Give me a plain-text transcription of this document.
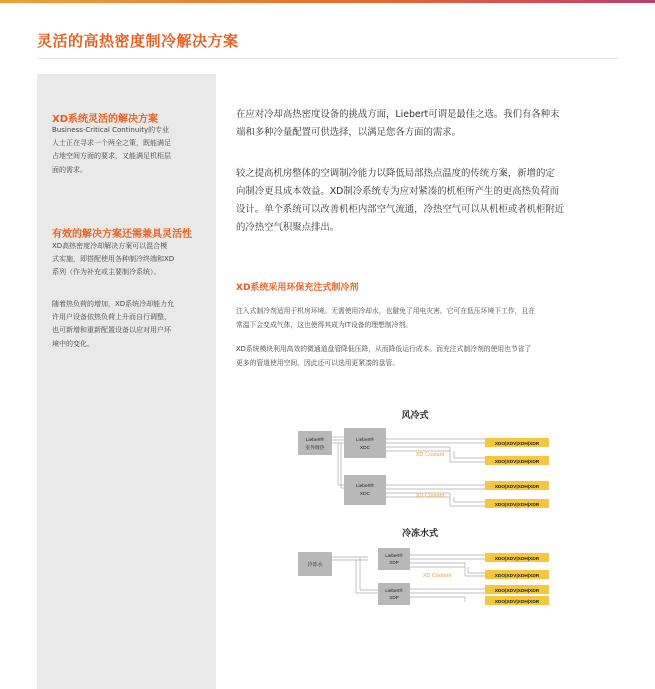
灵活的高热密度制冷解决方案
XD系统灵活的解决方案

Business-Critical Continuity的专业
人士正在寻求一个两全之策，既能满足
占地空间方面的要求，又能满足机柜层
面的需求。

有效的解决方案还需兼具灵活性

XD高热密度冷却解决方案可以混合模
式实施，即搭配使用各种制冷终端和XD
系列（作为补充或主要制冷系统）。

随着热负荷的增加，XD系统冷却能力允
许用户设备依热负荷上升而自行调整，
也可新增和重新配置设备以应对用户环
境中的变化。

在应对冷却高热密度设备的挑战方面，Liebert可谓是最佳之选。我们有各种末
端和多种冷量配置可供选择，以满足您各方面的需求。

较之提高机房整体的空调制冷能力以降低局部热点温度的传统方案，新增的定
向制冷更具成本效益。XD制冷系统专为应对紧凑的机柜所产生的更高热负荷而
设计。单个系统可以改善机柜内部空气流通，冷热空气可以从机柜或者机柜附近
的冷热空气积聚点排出。

XD系统采用环保充注式制冷剂

注入式制冷剂适用于机房环境。无需使用冷却水，也避免了用电灾害。它可在低压环境下工作，且在
常温下会变成气体，这也使得其成为IT设备的理想制冷剂。

XD系统模块利用高效的微通道盘管降低压降，从而降低运行成本。而充注式制冷剂的使用也节省了
更多的管道使用空间，因此还可以选用更紧凑的盘管。

风冷式
Liebert®
室外散热
Liebert®
XDC
Liebert®
XDC
XD Coolant
XD Coolant
XDO|XDV|XDH|XDR
XDO|XDV|XDH|XDR
XDO|XDV|XDH|XDR
XDO|XDV|XDH|XDR
冷冻水式
冷冻水
Liebert®
XDP
Liebert®
XDP
XD Coolant
XDO|XDV|XDH|XDR
XDO|XDV|XDH|XDR
XDO|XDV|XDH|XDR
XDO|XDV|XDH|XDR
